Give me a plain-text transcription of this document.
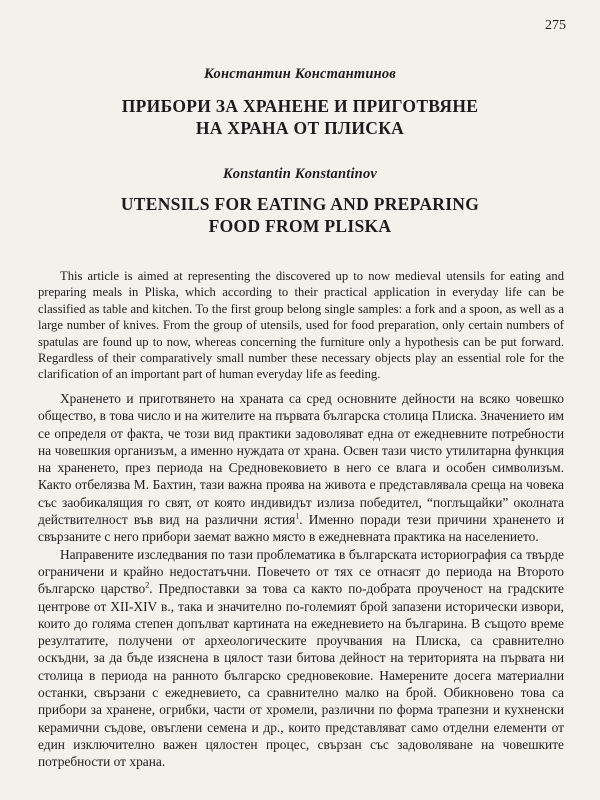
275

Константин Константинов

ПРИБОРИ ЗА ХРАНЕНЕ И ПРИГОТВЯНЕ

НА ХРАНА ОТ ПЛИСКА

Konstantin Konstantinov

UTENSILS FOR EATING AND PREPARING

FOOD FROM PLISKA

This article is aimed at representing the discovered up to now medieval utensils for eating and preparing meals in Pliska, which according to their practical application in everyday life can be classified as table and kitchen. To the first group belong single samples: a fork and a spoon, as well as a large number of knives. From the group of utensils, used for food preparation, only certain numbers of spatulas are found up to now, whereas concerning the furniture only a hypothesis can be put forward. Regardless of their comparatively small number these necessary objects play an essential role for the clarification of an important part of human everyday life as feeding.

Храненето и приготвянето на храната са сред основните дейности на всяко човешко общество, в това число и на жителите на първата българска столица Плиска. Значението им се определя от факта, че този вид практики задоволяват една от ежедневните потребности на човешкия организъм, а именно нуждата от храна. Освен тази чисто утилитарна функция на храненето, през периода на Средновековието в него се влага и особен символизъм. Както отбелязва М. Бахтин, тази важна проява на живота е представлявала среща на човека със заобикалящия го свят, от която индивидът излиза победител, “поглъщайки” околната действителност във вид на различни ястия$^1$. Именно поради тези причини храненето и свързаните с него прибори заемат важно място в ежедневната практика на населението.

Направените изследвания по тази проблематика в българската историография са твърде ограничени и крайно недостатъчни. Повечето от тях се отнасят до периода на Второто българско царство$^2$. Предпоставки за това са както по-добрата проученост на градските центрове от XII-XIV в., така и значително по-големият брой запазени исторически извори, които до голяма степен допълват картината на ежедневието на българина. В същото време резултатите, получени от археологическите проучвания на Плиска, са сравнително оскъдни, за да бъде изяснена в цялост тази битова дейност на територията на първата ни столица в периода на ранното българско средновековие. Намерените досега материални останки, свързани с ежедневието, са сравнително малко на брой. Обикновено това са прибори за хранене, огрибки, части от хромели, различни по форма трапезни и кухненски керамични съдове, овъглени семена и др., които представляват само отделни елементи от един изключително важен цялостен процес, свързан със задоволяване на човешките потребности от храна.
